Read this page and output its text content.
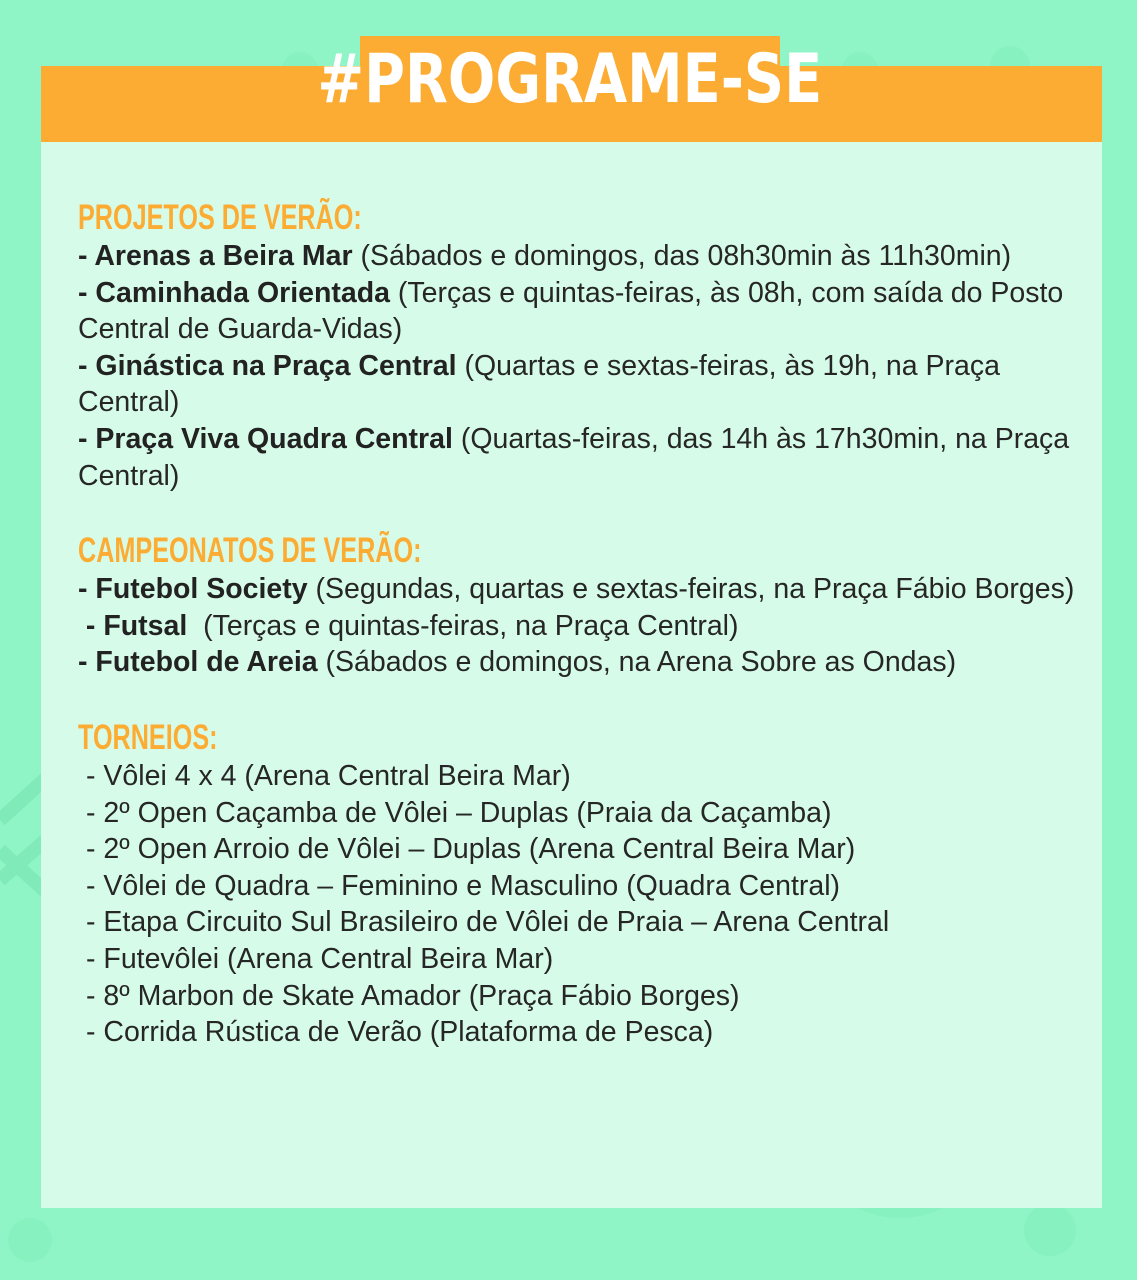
#PROGRAME-SE
PROJETOS DE VERÃO:
- Arenas a Beira Mar (Sábados e domingos, das 08h30min às 11h30min)
- Caminhada Orientada (Terças e quintas-feiras, às 08h, com saída do Posto Central de Guarda-Vidas)
- Ginástica na Praça Central (Quartas e sextas-feiras, às 19h, na Praça Central)
- Praça Viva Quadra Central (Quartas-feiras, das 14h às 17h30min, na Praça Central)
CAMPEONATOS DE VERÃO:
- Futebol Society (Segundas, quartas e sextas-feiras, na Praça Fábio Borges)
- Futsal  (Terças e quintas-feiras, na Praça Central)
- Futebol de Areia (Sábados e domingos, na Arena Sobre as Ondas)
TORNEIOS:
- Vôlei 4 x 4 (Arena Central Beira Mar)
- 2º Open Caçamba de Vôlei – Duplas (Praia da Caçamba)
- 2º Open Arroio de Vôlei – Duplas (Arena Central Beira Mar)
- Vôlei de Quadra – Feminino e Masculino (Quadra Central)
- Etapa Circuito Sul Brasileiro de Vôlei de Praia – Arena Central
- Futevôlei (Arena Central Beira Mar)
- 8º Marbon de Skate Amador (Praça Fábio Borges)
- Corrida Rústica de Verão (Plataforma de Pesca)
